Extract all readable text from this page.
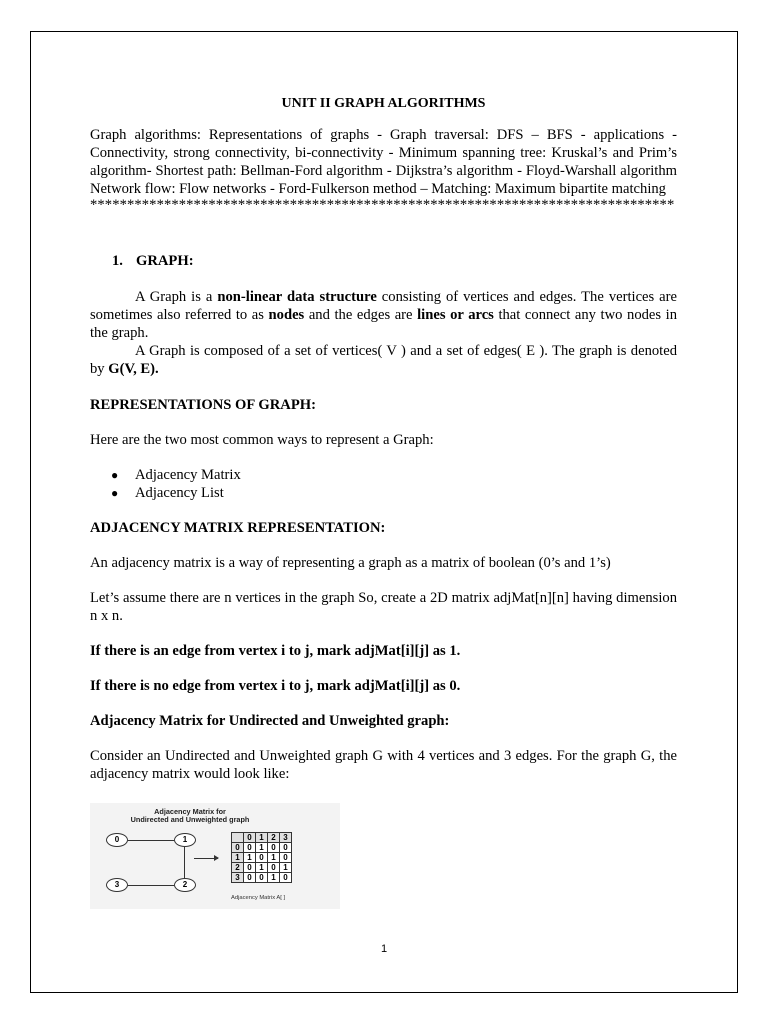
UNIT II GRAPH ALGORITHMS

Graph algorithms: Representations of graphs - Graph traversal: DFS – BFS - applications - Connectivity, strong connectivity, bi-connectivity - Minimum spanning tree: Kruskal’s and Prim’s algorithm- Shortest path: Bellman-Ford algorithm - Dijkstra’s algorithm - Floyd-Warshall algorithm Network flow: Flow networks - Ford-Fulkerson method – Matching: Maximum bipartite matching

*******************************************************************************
1. GRAPH:

A Graph is a non-linear data structure consisting of vertices and edges. The vertices are sometimes also referred to as nodes and the edges are lines or arcs that connect any two nodes in the graph.

A Graph is composed of a set of vertices( V ) and a set of edges( E ). The graph is denoted by G(V, E).

REPRESENTATIONS OF GRAPH:

Here are the two most common ways to represent a Graph:

● Adjacency Matrix
● Adjacency List

ADJACENCY MATRIX REPRESENTATION:

An adjacency matrix is a way of representing a graph as a matrix of boolean (0’s and 1’s)

Let’s assume there are n vertices in the graph So, create a 2D matrix adjMat[n][n] having dimension n x n.

If there is an edge from vertex i to j, mark adjMat[i][j] as 1.

If there is no edge from vertex i to j, mark adjMat[i][j] as 0.

Adjacency Matrix for Undirected and Unweighted graph:

Consider an Undirected and Unweighted graph G with 4 vertices and 3 edges. For the graph G, the adjacency matrix would look like:

Adjacency Matrix for
Undirected and Unweighted graph
0	1
2
3
	0	1	2	3
0	0	1	0	0
1	1	0	1	0
2	0	1	0	1
3	0	0	1	0
Adjacency Matrix A[ ]
1
